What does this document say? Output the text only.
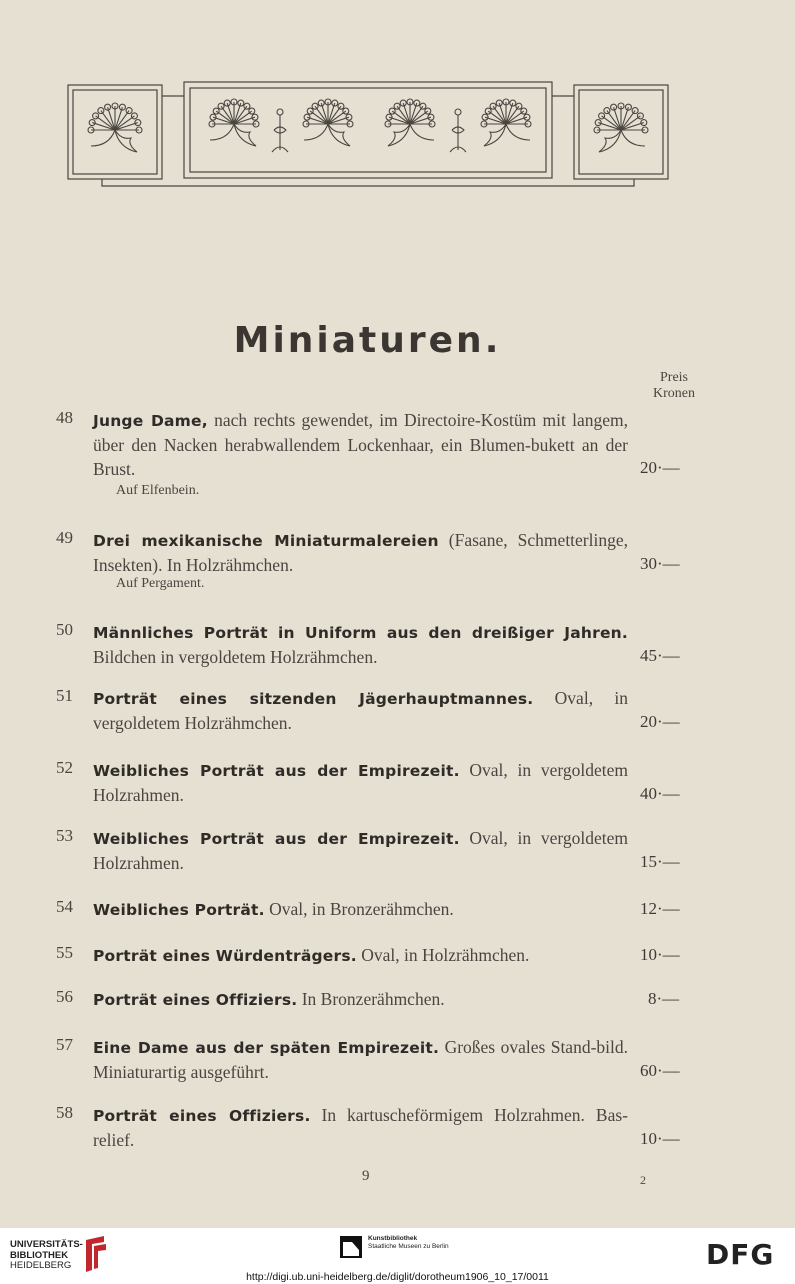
Miniaturen.
Preis
Kronen
48 Junge Dame, nach rechts gewendet, im Directoire-Kostüm mit langem, über den Nacken herabwallendem Lockenhaar, ein Blumen-bukett an der Brust.
Auf Elfenbein.
20·—
49 Drei mexikanische Miniaturmalereien (Fasane, Schmetterlinge, Insekten). In Holzrähmchen.
Auf Pergament.
30·—
50 Männliches Porträt in Uniform aus den dreißiger Jahren. Bildchen in vergoldetem Holzrähmchen.	45·—
51 Porträt eines sitzenden Jägerhauptmannes. Oval, in vergoldetem Holzrähmchen.	20·—
52 Weibliches Porträt aus der Empirezeit. Oval, in vergoldetem Holzrahmen.	40·—
53 Weibliches Porträt aus der Empirezeit. Oval, in vergoldetem Holzrahmen.	15·—
54 Weibliches Porträt. Oval, in Bronzerähmchen.	12·—
55 Porträt eines Würdenträgers. Oval, in Holzrähmchen.	10·—
56 Porträt eines Offiziers. In Bronzerähmchen.	8·—
57 Eine Dame aus der späten Empirezeit. Großes ovales Stand-bild. Miniaturartig ausgeführt.	60·—
58 Porträt eines Offiziers. In kartuscheförmigem Holzrahmen. Bas-relief.	10·—
9	2
UNIVERSITÄTS-
BIBLIOTHEK
HEIDELBERG
Kunstbibliothek
Staatliche Museen zu Berlin	DFG
http://digi.ub.uni-heidelberg.de/diglit/dorotheum1906_10_17/0011
